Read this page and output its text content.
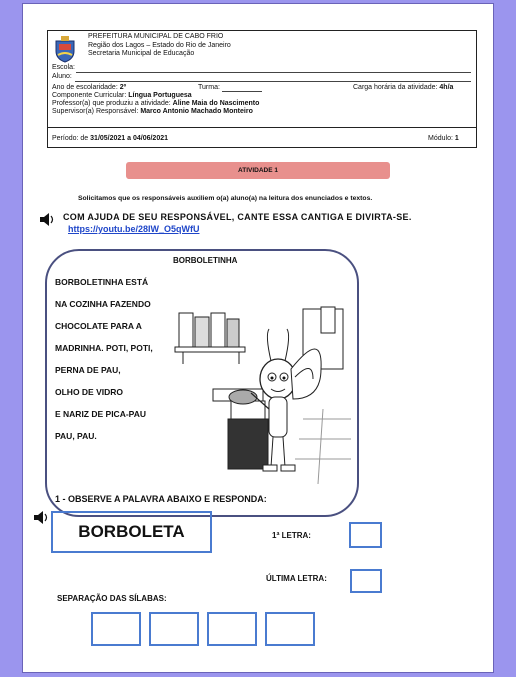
PREFEITURA MUNICIPAL DE CABO FRIO
Região dos Lagos – Estado do Rio de Janeiro
Secretaria Municipal de Educação
Escola:
Aluno:
Ano de escolaridade: 2º	Turma:	Carga horária da atividade: 4h/a
Componente Curricular: Língua Portuguesa
Professor(a) que produziu a atividade: Aline Maia do Nascimento
Supervisor(a) Responsável: Marco Antonio Machado Monteiro
Período: de 31/05/2021 a 04/06/2021	Módulo: 1
ATIVIDADE 1
Solicitamos que os responsáveis auxiliem o(a) aluno(a) na leitura dos enunciados e textos.
COM AJUDA DE SEU RESPONSÁVEL, CANTE ESSA CANTIGA E DIVIRTA-SE.
https://youtu.be/28IW_O5qWfU
BORBOLETINHA
BORBOLETINHA ESTÁ
NA COZINHA FAZENDO
CHOCOLATE PARA A
MADRINHA. POTI, POTI,
PERNA DE PAU,
OLHO DE VIDRO
E NARIZ DE PICA-PAU
PAU, PAU.
1 - OBSERVE A PALAVRA ABAIXO E RESPONDA:
BORBOLETA	1ª LETRA:
ÚLTIMA LETRA:
SEPARAÇÃO DAS SÍLABAS:
